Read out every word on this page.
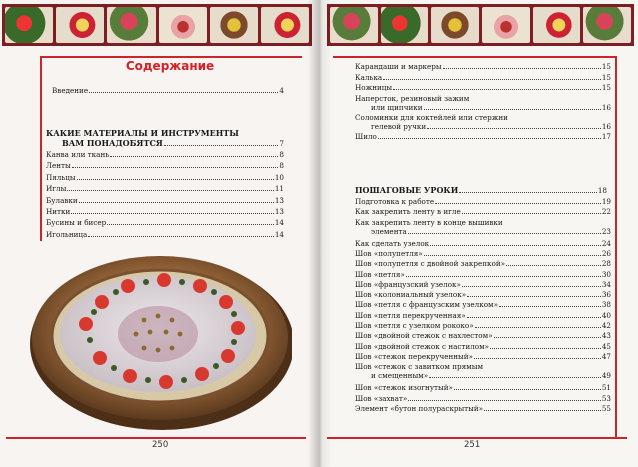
Содержание
Введение	4
КАКИЕ МАТЕРИАЛЫ И ИНСТРУМЕНТЫ
ВАМ ПОНАДОБЯТСЯ	7
Канва или ткань	8
Ленты	8
Пяльцы	10
Иглы	11
Булавки	13
Нитки	13
Бусины и бисер	14
Игольница	14
250
Карандаши и маркеры	15
Калька	15
Ножницы	15
Наперсток, резиновый зажим
или щипчики	16
Соломинки для коктейлей или стержни
гелевой ручки	16
Шило	17
ПОШАГОВЫЕ УРОКИ	18
Подготовка к работе	19
Как закрепить ленту в игле	22
Как закрепить ленту в конце вышивки
элемента	23
Как сделать узелок	24
Шов «полупетля»	26
Шов «полупетля с двойной закрепкой»	28
Шов «петля»	30
Шов «французский узелок»	34
Шов «колониальный узелок»	36
Шов «петля с французским узелком»	38
Шов «петля перекрученная»	40
Шов «петля с узелком рококо»	42
Шов «двойной стежок с нахлестом»	43
Шов «двойной стежок с настилом»	45
Шов «стежок перекрученный»	47
Шов «стежок с завитком прямым
и смещенным»	49
Шов «стежок изогнутый»	51
Шов «захват»	53
Элемент «бутон полураскрытый»	55
251
